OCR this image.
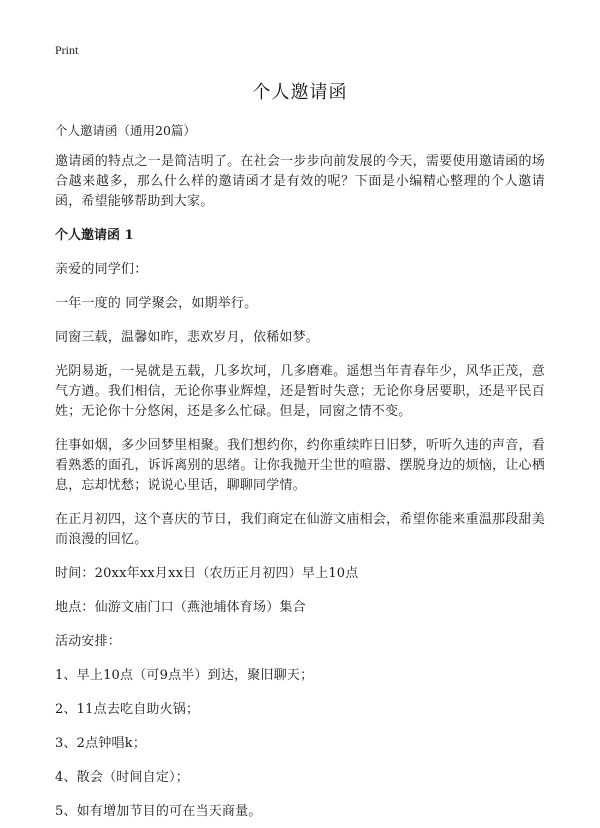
Print
个人邀请函

个人邀请函（通用20篇）

邀请函的特点之一是简洁明了。在社会一步步向前发展的今天，需要使用邀请函的场合越来越多，那么什么样的邀请函才是有效的呢？下面是小编精心整理的个人邀请函，希望能够帮助到大家。

个人邀请函 1

亲爱的同学们：

一年一度的 同学聚会，如期举行。

同窗三载，温馨如昨，悲欢岁月，依稀如梦。

光阴易逝，一晃就是五载，几多坎坷，几多磨难。遥想当年青春年少，风华正茂，意气方遒。我们相信，无论你事业辉煌，还是暂时失意；无论你身居要职，还是平民百姓；无论你十分悠闲，还是多么忙碌。但是，同窗之情不变。

往事如烟，多少回梦里相聚。我们想约你，约你重续昨日旧梦，听听久违的声音，看看熟悉的面孔，诉诉离别的思绪。让你我抛开尘世的喧嚣、摆脱身边的烦恼，让心栖息，忘却忧愁；说说心里话，聊聊同学情。

在正月初四，这个喜庆的节日，我们商定在仙游文庙相会，希望你能来重温那段甜美而浪漫的回忆。

时间：20xx年xx月xx日（农历正月初四）早上10点

地点：仙游文庙门口（燕池埔体育场）集合

活动安排：

1、早上10点（可9点半）到达，聚旧聊天；

2、11点去吃自助火锅；

3、2点钟唱k；

4、散会（时间自定）；

5、如有增加节目的可在当天商量。
